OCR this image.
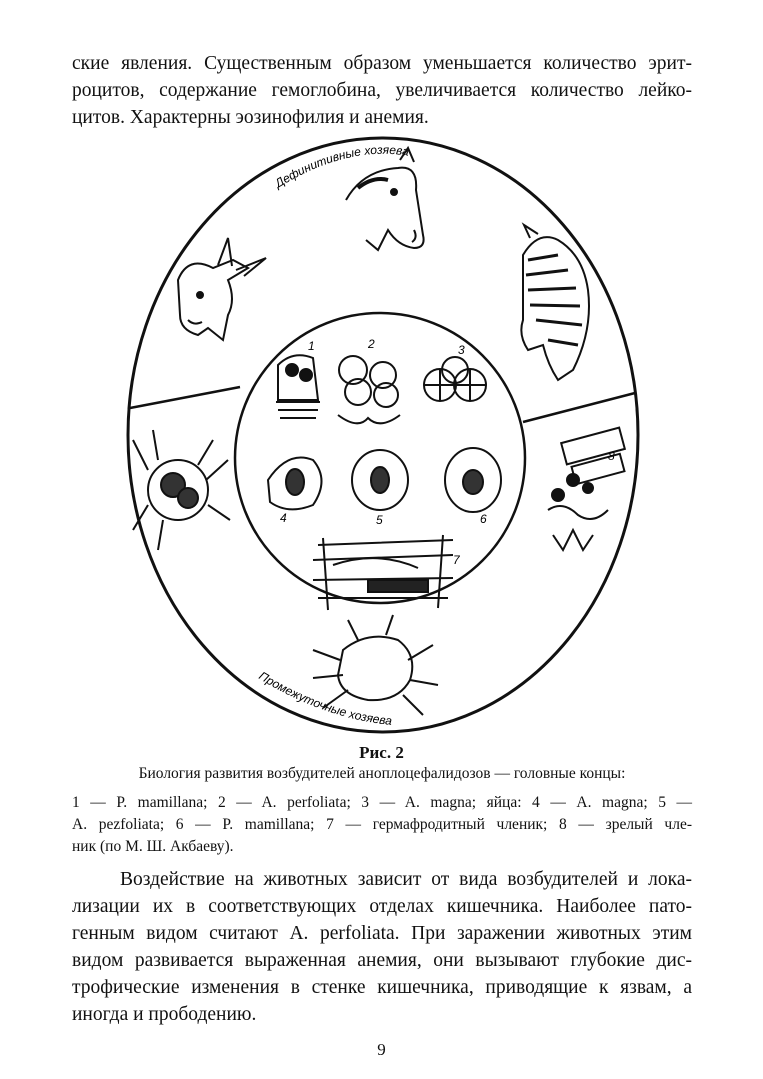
ские явления. Существенным образом уменьшается количество эрит-
роцитов, содержание гемоглобина, увеличивается количество лейко-
цитов. Характерны эозинофилия и анемия.
Дефинитивные хозяева
Промежуточные хозяева
1	2	3
4	5	6
7
8
Рис. 2
Биология развития возбудителей аноплоцефалидозов — головные концы:
1 — P. mamillana; 2 — A. perfoliata; 3 — A. magna; яйца: 4 — A. magna; 5 —
A. pezfoliata; 6 — P. mamillana; 7 — гермафродитный членик; 8 — зрелый чле-
ник (по М. Ш. Акбаеву).
Воздействие на животных зависит от вида возбудителей и лока-
лизации их в соответствующих отделах кишечника. Наиболее пато-
генным видом считают A. perfoliata. При заражении животных этим
видом развивается выраженная анемия, они вызывают глубокие дис-
трофические изменения в стенке кишечника, приводящие к язвам, а
иногда и прободению.
9
